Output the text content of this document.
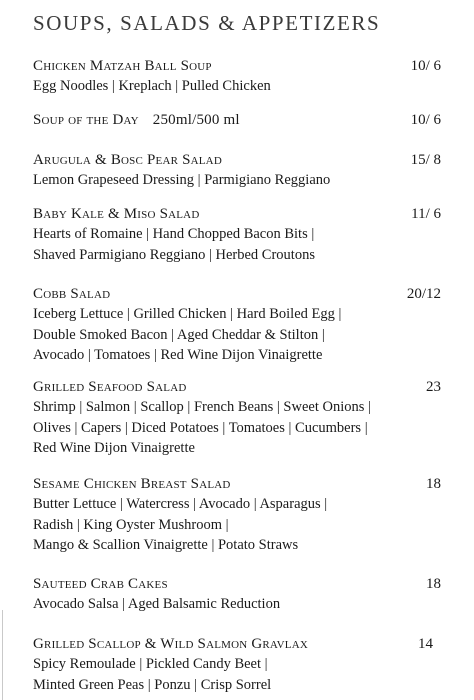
SOUPS, SALADS & APPETIZERS
Chicken Matzah Ball Soup	10/ 6
Egg Noodles | Kreplach | Pulled Chicken
Soup of the Day 250ml/500 ml	10/ 6
Arugula & Bosc Pear Salad	15/ 8
Lemon Grapeseed Dressing | Parmigiano Reggiano
Baby Kale & Miso Salad	11/ 6
Hearts of Romaine | Hand Chopped Bacon Bits |
Shaved Parmigiano Reggiano | Herbed Croutons
Cobb Salad	20/12
Iceberg Lettuce | Grilled Chicken | Hard Boiled Egg |
Double Smoked Bacon | Aged Cheddar & Stilton |
Avocado | Tomatoes | Red Wine Dijon Vinaigrette
Grilled Seafood Salad	23
Shrimp | Salmon | Scallop | French Beans | Sweet Onions |
Olives | Capers | Diced Potatoes | Tomatoes | Cucumbers |
Red Wine Dijon Vinaigrette
Sesame Chicken Breast Salad	18
Butter Lettuce | Watercress | Avocado | Asparagus |
Radish | King Oyster Mushroom |
Mango & Scallion Vinaigrette | Potato Straws
Sauteed Crab Cakes	18
Avocado Salsa | Aged Balsamic Reduction
Grilled Scallop & Wild Salmon Gravlax	14
Spicy Remoulade | Pickled Candy Beet |
Minted Green Peas | Ponzu | Crisp Sorrel
